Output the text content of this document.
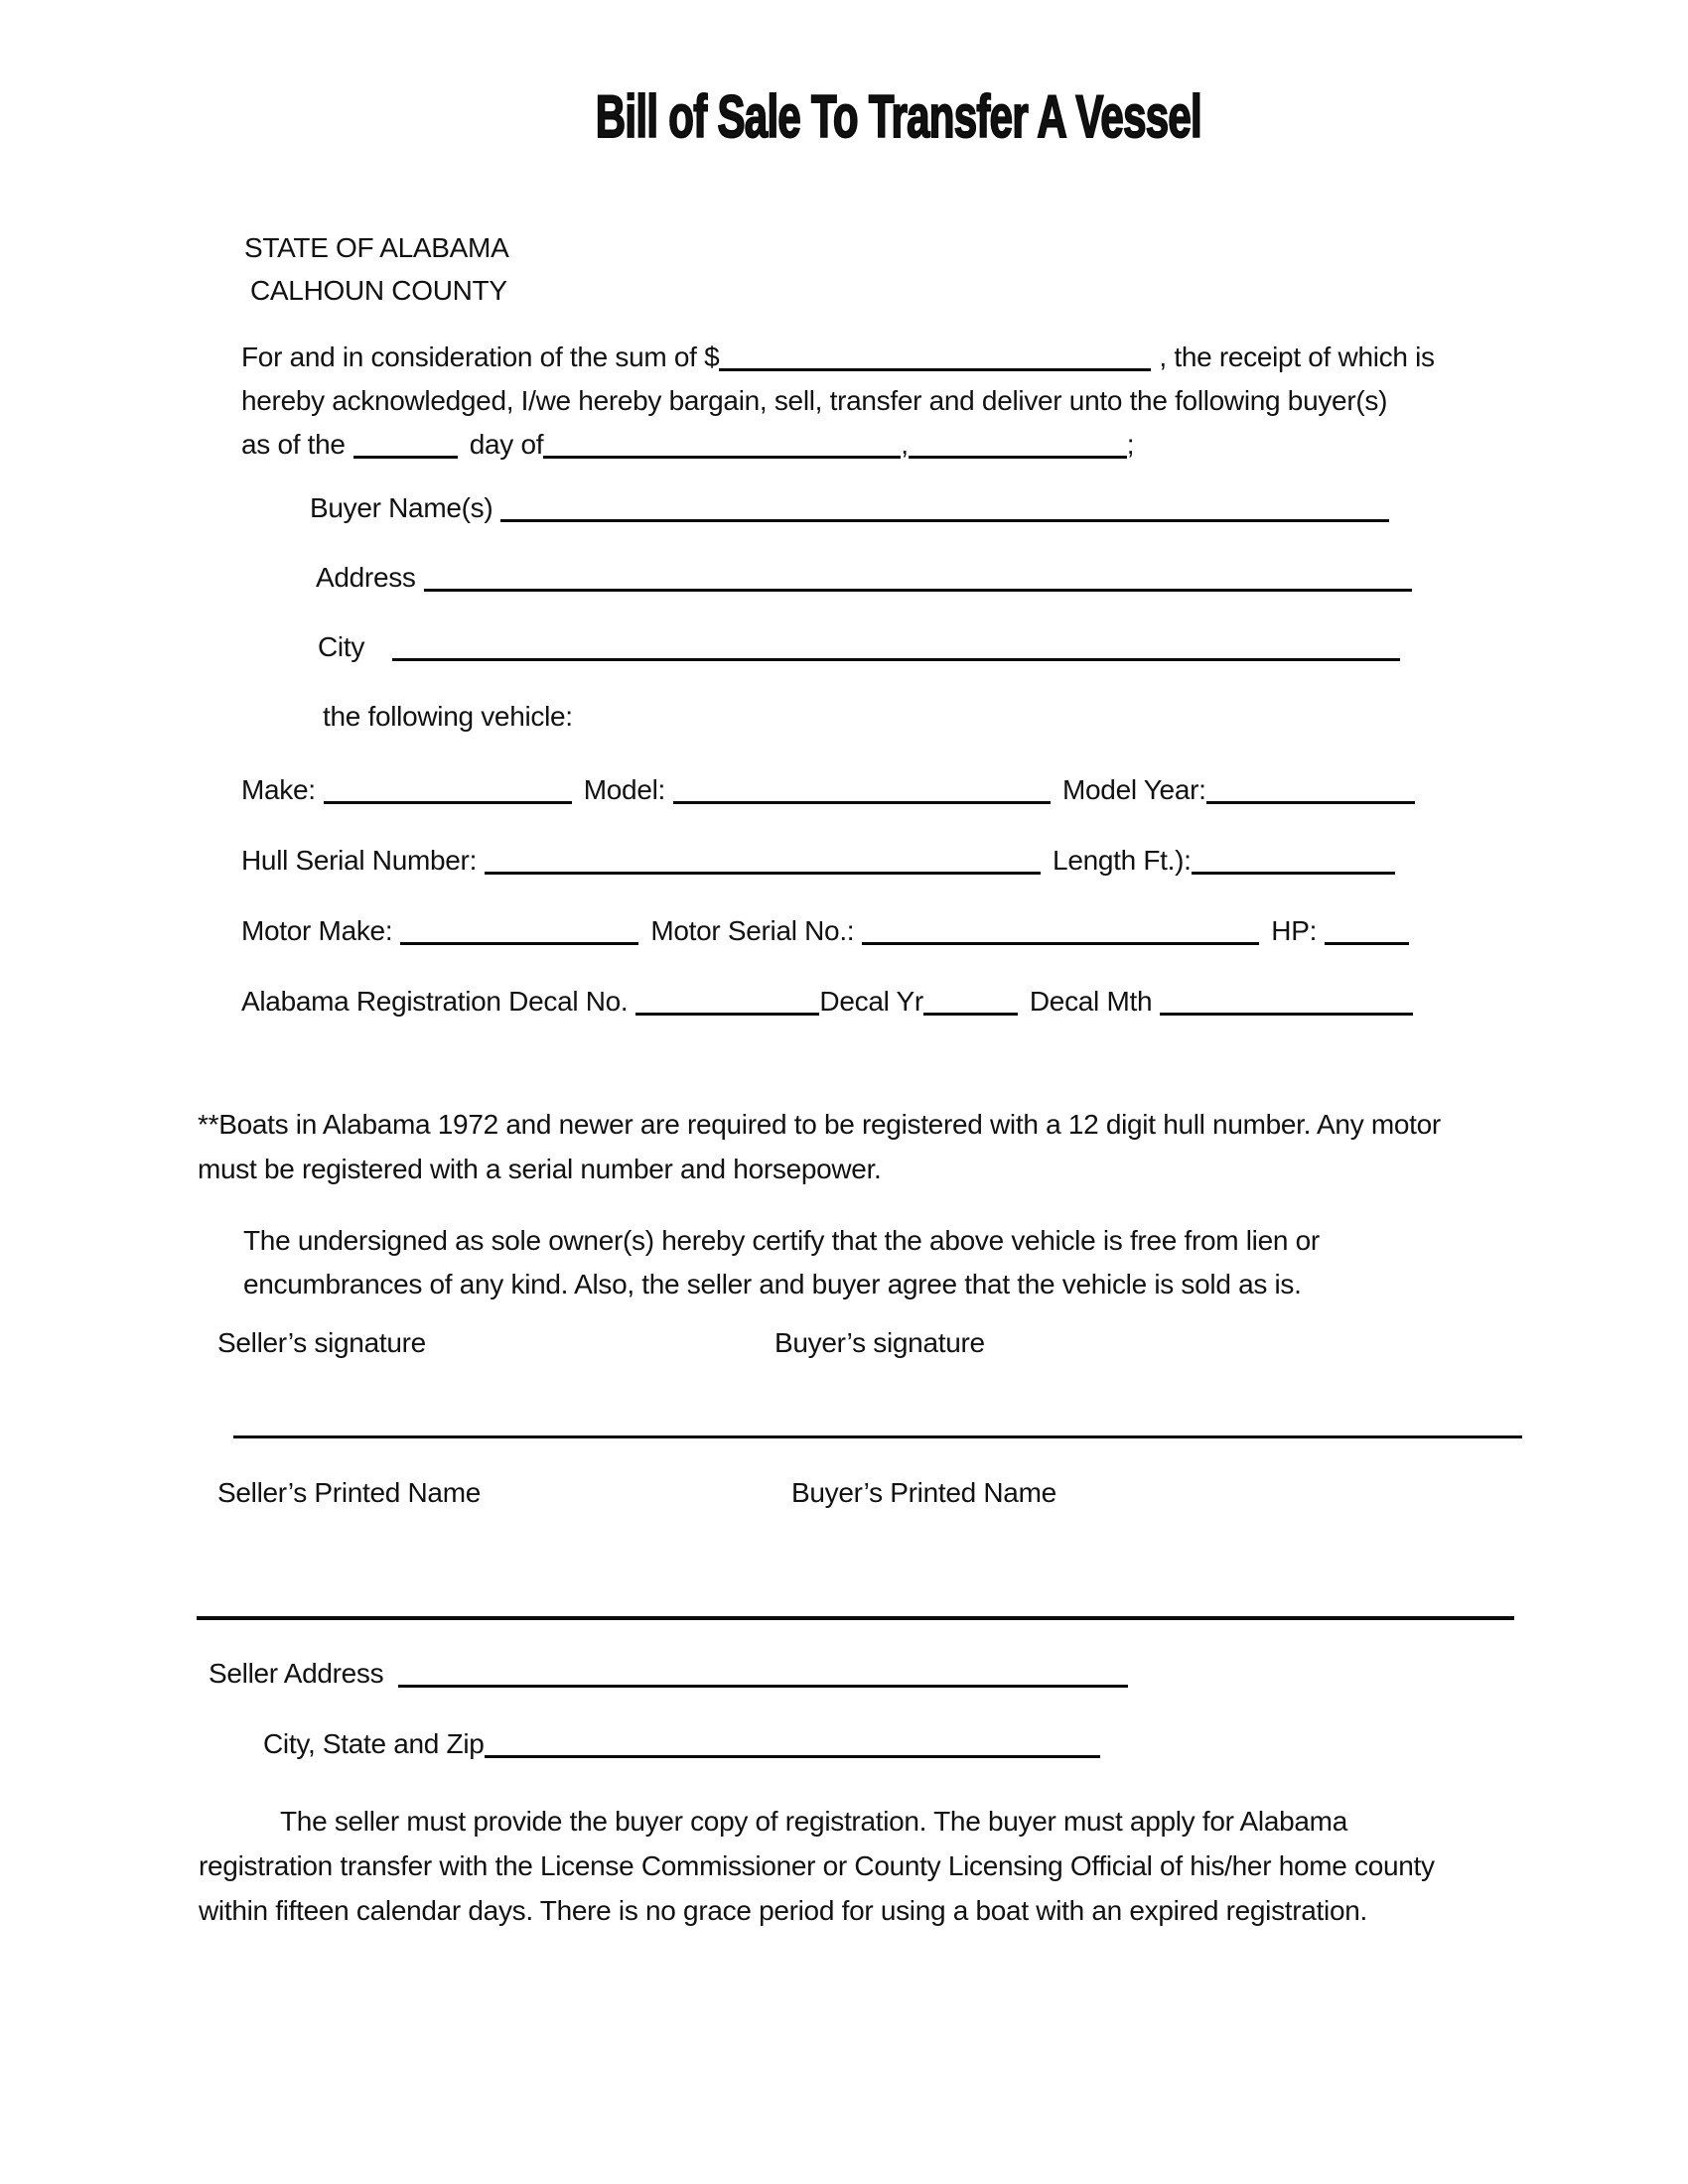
Bill of Sale To Transfer A Vessel
STATE OF ALABAMA
CALHOUN COUNTY
For and in consideration of the sum of $	, the receipt of which is
hereby acknowledged, I/we hereby bargain, sell, transfer and deliver unto the following buyer(s)
as of the	day of	,	;
Buyer Name(s)
Address
City
the following vehicle:
Make:	Model:	Model Year:
Hull Serial Number:	Length Ft.):
Motor Make:	Motor Serial No.:	HP:
Alabama Registration Decal No.	Decal Yr	Decal Mth
**Boats in Alabama 1972 and newer are required to be registered with a 12 digit hull number. Any motor
must be registered with a serial number and horsepower.
The undersigned as sole owner(s) hereby certify that the above vehicle is free from lien or
encumbrances of any kind. Also, the seller and buyer agree that the vehicle is sold as is.
Seller’s signature	Buyer’s signature
Seller’s Printed Name	Buyer’s Printed Name
Seller Address
City, State and Zip
The seller must provide the buyer copy of registration. The buyer must apply for Alabama
registration transfer with the License Commissioner or County Licensing Official of his/her home county
within fifteen calendar days. There is no grace period for using a boat with an expired registration.
